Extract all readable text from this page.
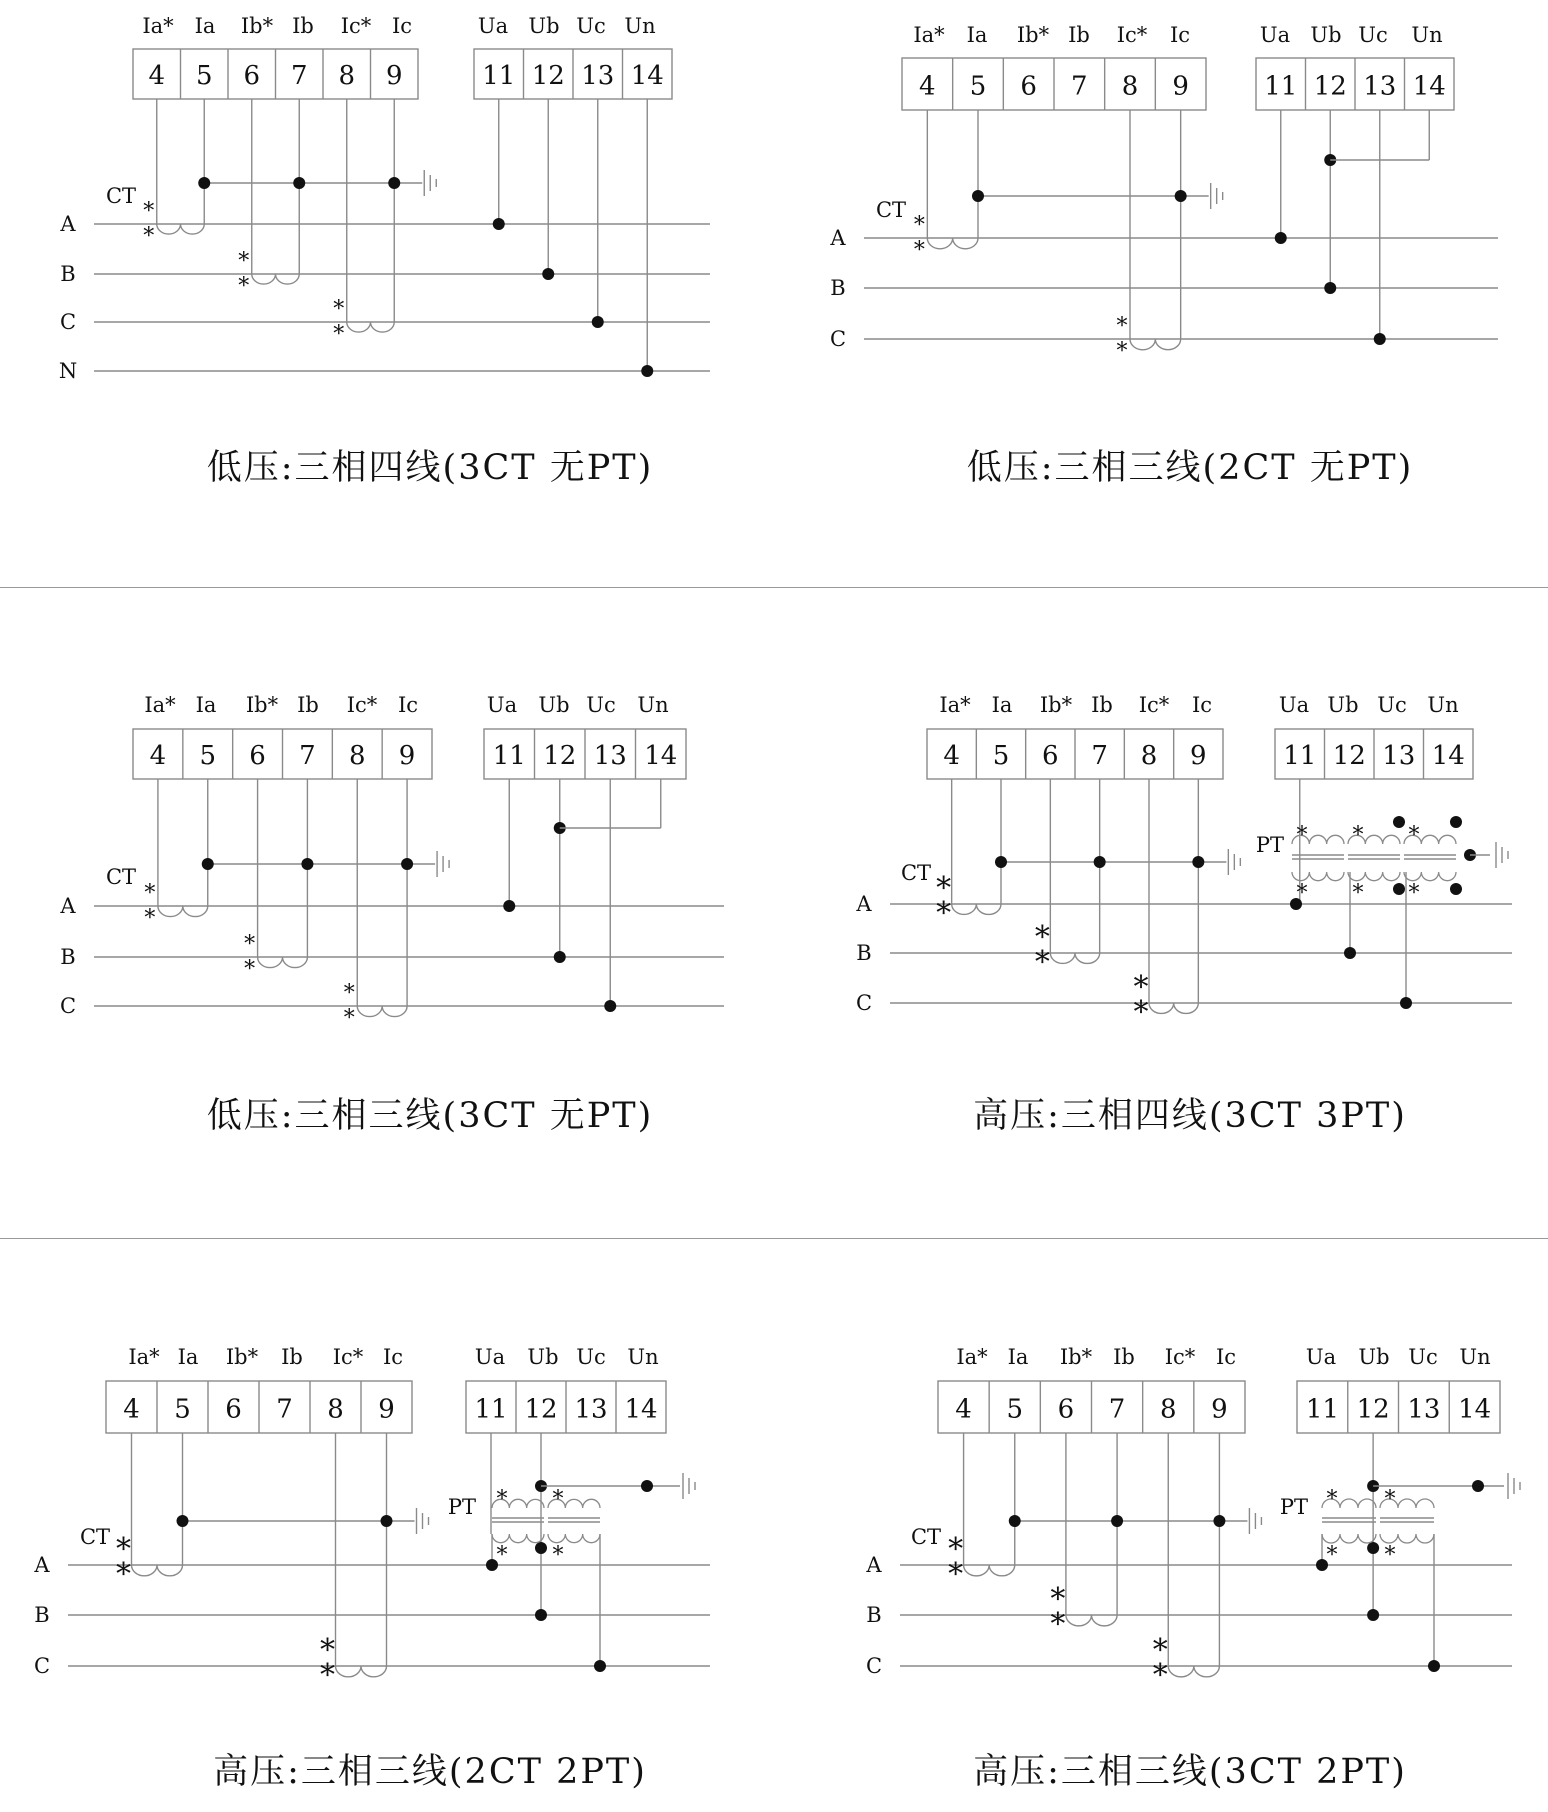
4 5 6 7 8 9	11 12 13 14
Ia* Ia Ib* Ib Ic* Ic	Ua Ub Uc Un
A
B
C
N
CT
*
*
*
*
*
*
4 5 6 7 8 9	11 12 13 14
Ia* Ia Ib* Ib Ic* Ic	Ua Ub Uc Un
A
B
C
CT
*
*
*
*
4 5 6 7 8 9	11 12 13 14
Ia* Ia Ib* Ib Ic* Ic	Ua Ub Uc Un
A
B
C
CT
*
*
*
*
*
*
4 5 6 7 8 9	11 12 13 14
Ia* Ia Ib* Ib Ic* Ic	Ua Ub Uc Un
A
B
C
CT *
*
*
*
*
*
PT *
*
*
*
*
*
4 5 6 7 8 9	11 12 13 14
Ia* Ia Ib* Ib Ic* Ic	Ua Ub Uc Un
A
B
C
CT *
*
*
*
PT *
*
*
*
4 5 6 7 8 9	11 12 13 14
Ia* Ia Ib* Ib Ic* Ic	Ua Ub Uc Un
A
B
C
CT *
*
*
*
*
*
PT *
*
*
*
低压:三相四线(3CT 无PT)	低压:三相三线(2CT 无PT)
低压:三相三线(3CT 无PT)	高压:三相四线(3CT 3PT)
高压:三相三线(2CT 2PT)	高压:三相三线(3CT 2PT)
